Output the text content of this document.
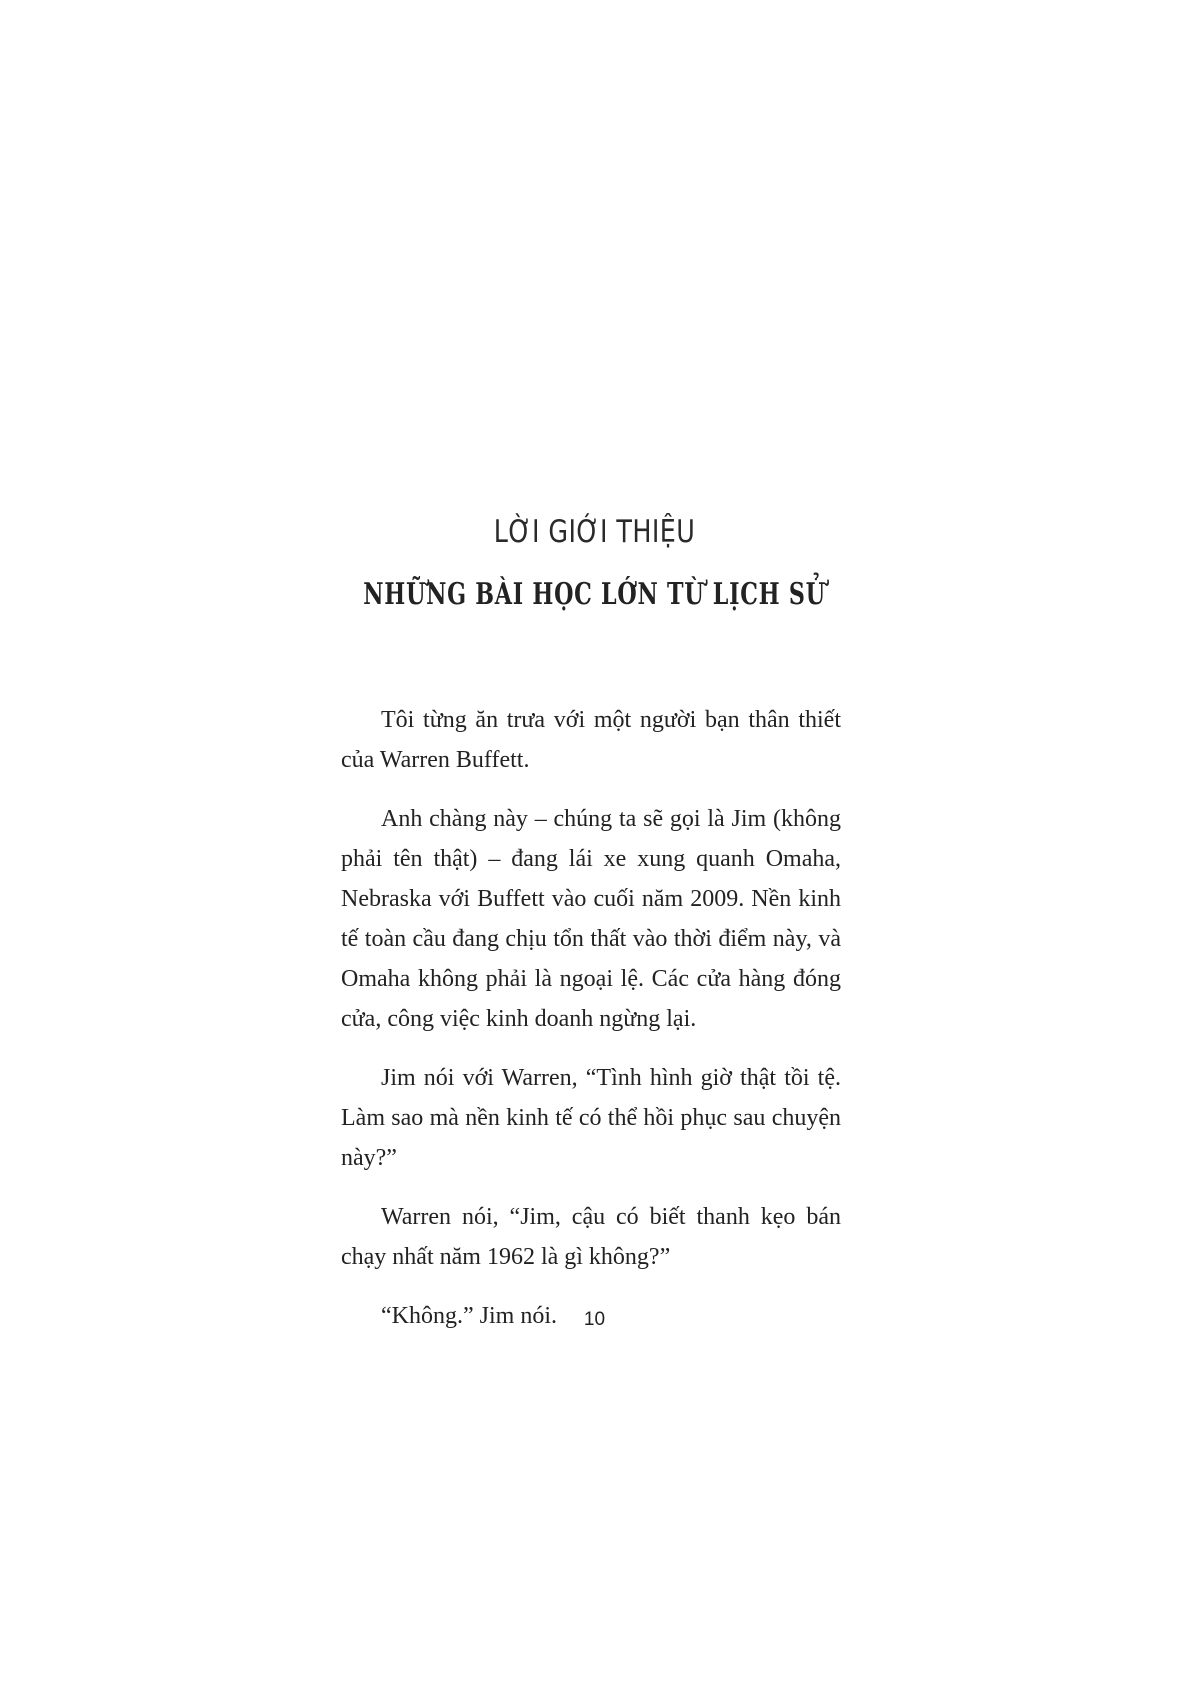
LỜI GIỚI THIỆU
NHỮNG BÀI HỌC LỚN TỪ LỊCH SỬ

Tôi từng ăn trưa với một người bạn thân thiết của Warren Buffett.

Anh chàng này – chúng ta sẽ gọi là Jim (không phải tên thật) – đang lái xe xung quanh Omaha, Nebraska với Buffett vào cuối năm 2009. Nền kinh tế toàn cầu đang chịu tổn thất vào thời điểm này, và Omaha không phải là ngoại lệ. Các cửa hàng đóng cửa, công việc kinh doanh ngừng lại.

Jim nói với Warren, “Tình hình giờ thật tồi tệ. Làm sao mà nền kinh tế có thể hồi phục sau chuyện này?”

Warren nói, “Jim, cậu có biết thanh kẹo bán chạy nhất năm 1962 là gì không?”

“Không.” Jim nói.	10
